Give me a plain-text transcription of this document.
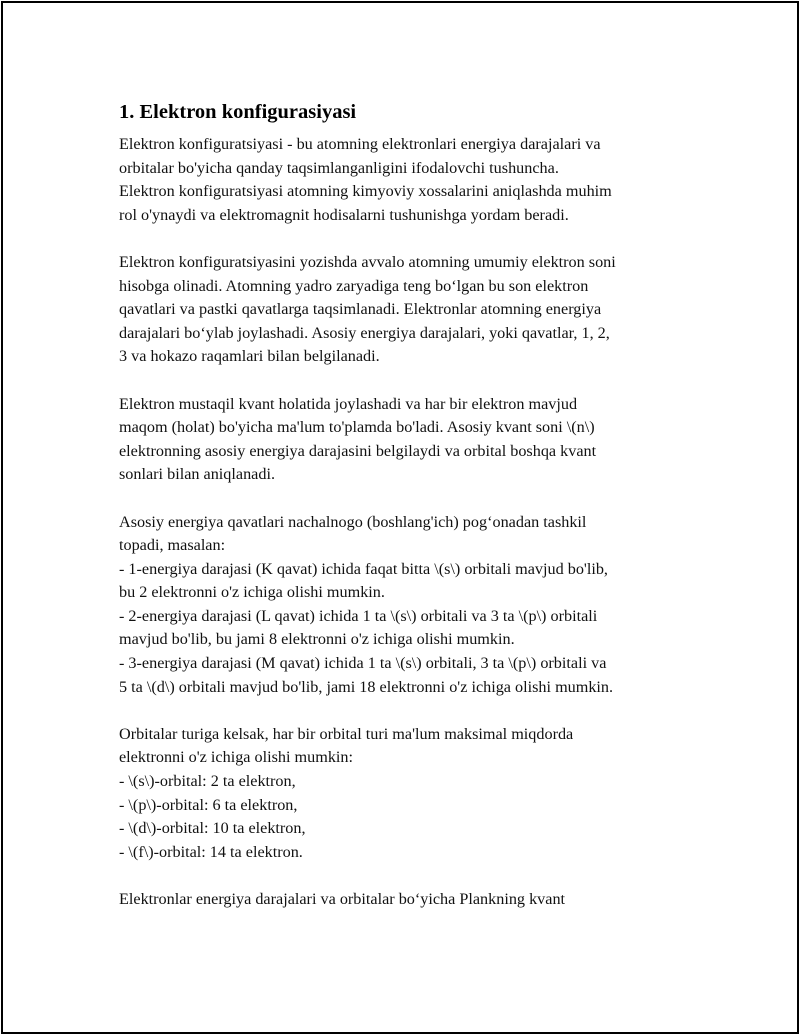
1. Elektron konfigurasiyasi
Elektron konfiguratsiyasi - bu atomning elektronlari energiya darajalari va
orbitalar bo'yicha qanday taqsimlanganligini ifodalovchi tushuncha.
Elektron konfiguratsiyasi atomning kimyoviy xossalarini aniqlashda muhim
rol o'ynaydi va elektromagnit hodisalarni tushunishga yordam beradi.
Elektron konfiguratsiyasini yozishda avvalo atomning umumiy elektron soni
hisobga olinadi. Atomning yadro zaryadiga teng bo‘lgan bu son elektron
qavatlari va pastki qavatlarga taqsimlanadi. Elektronlar atomning energiya
darajalari bo‘ylab joylashadi. Asosiy energiya darajalari, yoki qavatlar, 1, 2,
3 va hokazo raqamlari bilan belgilanadi.
Elektron mustaqil kvant holatida joylashadi va har bir elektron mavjud
maqom (holat) bo'yicha ma'lum to'plamda bo'ladi. Asosiy kvant soni \(n\)
elektronning asosiy energiya darajasini belgilaydi va orbital boshqa kvant
sonlari bilan aniqlanadi.
Asosiy energiya qavatlari nachalnogo (boshlang'ich) pog‘onadan tashkil
topadi, masalan:
- 1-energiya darajasi (K qavat) ichida faqat bitta \(s\) orbitali mavjud bo'lib,
bu 2 elektronni o'z ichiga olishi mumkin.
- 2-energiya darajasi (L qavat) ichida 1 ta \(s\) orbitali va 3 ta \(p\) orbitali
mavjud bo'lib, bu jami 8 elektronni o'z ichiga olishi mumkin.
- 3-energiya darajasi (M qavat) ichida 1 ta \(s\) orbitali, 3 ta \(p\) orbitali va
5 ta \(d\) orbitali mavjud bo'lib, jami 18 elektronni o'z ichiga olishi mumkin.
Orbitalar turiga kelsak, har bir orbital turi ma'lum maksimal miqdorda
elektronni o'z ichiga olishi mumkin:
- \(s\)-orbital: 2 ta elektron,
- \(p\)-orbital: 6 ta elektron,
- \(d\)-orbital: 10 ta elektron,
- \(f\)-orbital: 14 ta elektron.
Elektronlar energiya darajalari va orbitalar bo‘yicha Plankning kvant
